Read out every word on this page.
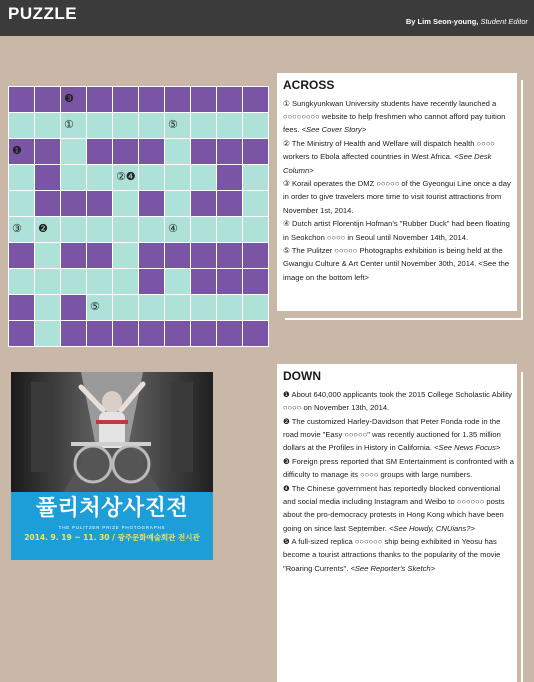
PUZZLE	By Lim Seon-young, Student Editor
❸
①	⑤
❶
②❹
③ ❷	④
⑤
ACROSS
① Sungkyunkwan University students have recently launched a ○○○○○○○○ website to help freshmen who cannot afford pay tuition fees. <See Cover Story>
② The Ministry of Health and Welfare will dispatch health ○○○○ workers to Ebola affected countries in West Africa. <See Desk Column>
③ Korail operates the DMZ ○○○○○ of the Gyeongui Line once a day in order to give travelers more time to visit tourist attractions from November 1st, 2014.
④ Dutch artist Florentijn Hofman's "Rubber Duck" had been floating in Seokchon ○○○○ in Seoul until November 14th, 2014.
⑤ The Pulitzer ○○○○○ Photographs exhibition is being held at the Gwangju Culture & Art Center until November 30th, 2014. <See the image on the bottom left>
DOWN
❶ About 640,000 applicants took the 2015 College Scholastic Ability ○○○○ on November 13th, 2014.
❷ The customized Harley-Davidson that Peter Fonda rode in the road movie "Easy ○○○○○" was recently auctioned for 1.35 million dollars at the Profiles in History in California. <See News Focus>
❸ Foreign press reported that SM Entertainment is confronted with a difficulty to manage its ○○○○ groups with large numbers.
❹ The Chinese government has reportedly blocked conventional and social media including Instagram and Weibo to ○○○○○○ posts about the pro-democracy protests in Hong Kong which have been going on since last September. <See Howdy, CNUians?>
❺ A full-sized replica ○○○○○○ ship being exhibited in Yeosu has become a tourist attractions thanks to the popularity of the movie "Roaring Currents". <See Reporter's Sketch>
퓰리처상사진전
THE PULITZER PRIZE PHOTOGRAPHS
2014. 9. 19 ~ 11. 30 / 광주문화예술회관 전시관
